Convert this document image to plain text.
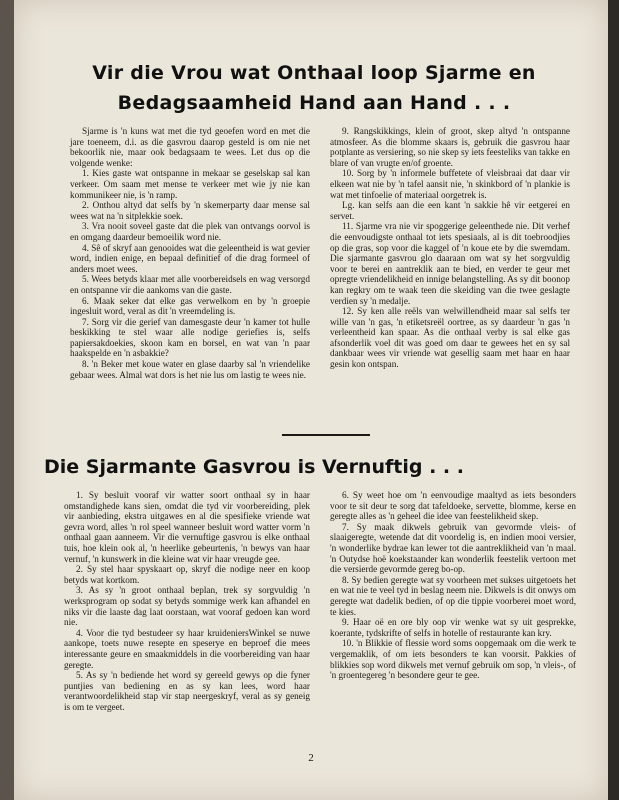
Vir die Vrou wat Onthaal loop Sjarme en
Bedagsaamheid Hand aan Hand . . .

Sjarme is 'n kuns wat met die tyd geoefen word en met die jare toeneem, d.i. as die gasvrou daarop gesteld is om nie net bekoorlik nie, maar ook bedagsaam te wees. Let dus op die volgende wenke:

1. Kies gaste wat ontspanne in mekaar se geselskap sal kan verkeer. Om saam met mense te verkeer met wie jy nie kan kommunikeer nie, is 'n ramp.

2. Onthou altyd dat selfs by 'n skemerparty daar mense sal wees wat na 'n sitplekkie soek.

3. Vra nooit soveel gaste dat die plek van ontvangs oorvol is en omgang daardeur bemoeilik word nie.

4. Sê of skryf aan genooides wat die geleentheid is wat gevier word, indien enige, en bepaal definitief of die drag formeel of anders moet wees.

5. Wees betyds klaar met alle voorbereidsels en wag versorgd en ontspanne vir die aankoms van die gaste.

6. Maak seker dat elke gas verwelkom en by 'n groepie ingesluit word, veral as dit 'n vreemdeling is.

7. Sorg vir die gerief van damesgaste deur 'n kamer tot hulle beskikking te stel waar alle nodige geriefies is, selfs papiersakdoekies, skoon kam en borsel, en wat van 'n paar haakspelde en 'n asbakkie?

8. 'n Beker met koue water en glase daarby sal 'n vriendelike gebaar wees. Almal wat dors is het nie lus om lastig te wees nie.

9. Rangskikkings, klein of groot, skep altyd 'n ontspanne atmosfeer. As die blomme skaars is, gebruik die gasvrou haar potplante as versiering, so nie skep sy iets feesteliks van takke en blare of van vrugte en/of groente.

10. Sorg by 'n informele buffetete of vleisbraai dat daar vir elkeen wat nie by 'n tafel aansit nie, 'n skinkbord of 'n plankie is wat met tinfoelie of materiaal oorgetrek is.

Lg. kan selfs aan die een kant 'n sakkie hê vir eetgerei en servet.

11. Sjarme vra nie vir spoggerige geleenthede nie. Dit verhef die eenvoudigste onthaal tot iets spesiaals, al is dit toebroodjies op die gras, sop voor die kaggel of 'n koue ete by die swemdam. Die sjarmante gasvrou glo daaraan om wat sy het sorgvuldig voor te berei en aantreklik aan te bied, en verder te geur met opregte vriendelikheid en innige belangstelling. As sy dit boonop kan regkry om te waak teen die skeiding van die twee geslagte verdien sy 'n medalje.

12. Sy ken alle reëls van welwillendheid maar sal selfs ter wille van 'n gas, 'n etiketsreël oortree, as sy daardeur 'n gas 'n verleentheid kan spaar. As die onthaal verby is sal elke gas afsonderlik voel dit was goed om daar te gewees het en sy sal dankbaar wees vir vriende wat gesellig saam met haar en haar gesin kon ontspan.

Die Sjarmante Gasvrou is Vernuftig . . .

1. Sy besluit vooraf vir watter soort onthaal sy in haar omstandighede kans sien, omdat die tyd vir voorbereiding, plek vir aanbieding, ekstra uitgawes en al die spesifieke vriende wat gevra word, alles 'n rol speel wanneer besluit word watter vorm 'n onthaal gaan aanneem. Vir die vernuftige gasvrou is elke onthaal tuis, hoe klein ook al, 'n heerlike gebeurtenis, 'n bewys van haar vernuf, 'n kunswerk in die kleine wat vir haar vreugde gee.

2. Sy stel haar spyskaart op, skryf die nodige neer en koop betyds wat kortkom.

3. As sy 'n groot onthaal beplan, trek sy sorgvuldig 'n werksprogram op sodat sy betyds sommige werk kan afhandel en niks vir die laaste dag laat oorstaan, wat vooraf gedoen kan word nie.

4. Voor die tyd bestudeer sy haar kruideniersWinkel se nuwe aankope, toets nuwe resepte en speserye en beproef die mees interessante geure en smaakmiddels in die voorbereiding van haar geregte.

5. As sy 'n bediende het word sy gereeld gewys op die fyner puntjies van bediening en as sy kan lees, word haar verantwoordelikheid stap vir stap neergeskryf, veral as sy geneig is om te vergeet.

6. Sy weet hoe om 'n eenvoudige maaltyd as iets besonders voor te sit deur te sorg dat tafeldoeke, servette, blomme, kerse en geregte alles as 'n geheel die idee van feestelikheid skep.

7. Sy maak dikwels gebruik van gevormde vleis- of slaaigeregte, wetende dat dit voordelig is, en indien mooi versier, 'n wonderlike bydrae kan lewer tot die aantreklikheid van 'n maal. 'n Outydse hoë koekstaander kan wonderlik feestelik vertoon met die versierde gevormde gereg bo-op.

8. Sy bedien geregte wat sy voorheen met sukses uitgetoets het en wat nie te veel tyd in beslag neem nie. Dikwels is dit onwys om geregte wat dadelik bedien, of op die tippie voorberei moet word, te kies.

9. Haar oë en ore bly oop vir wenke wat sy uit gesprekke, koerante, tydskrifte of selfs in hotelle of restaurante kan kry.

10. 'n Blikkie of flessie word soms oopgemaak om die werk te vergemaklik, of om iets besonders te kan voorsit. Pakkies of blikkies sop word dikwels met vernuf gebruik om sop, 'n vleis-, of 'n groentegereg 'n besondere geur te gee.

2
